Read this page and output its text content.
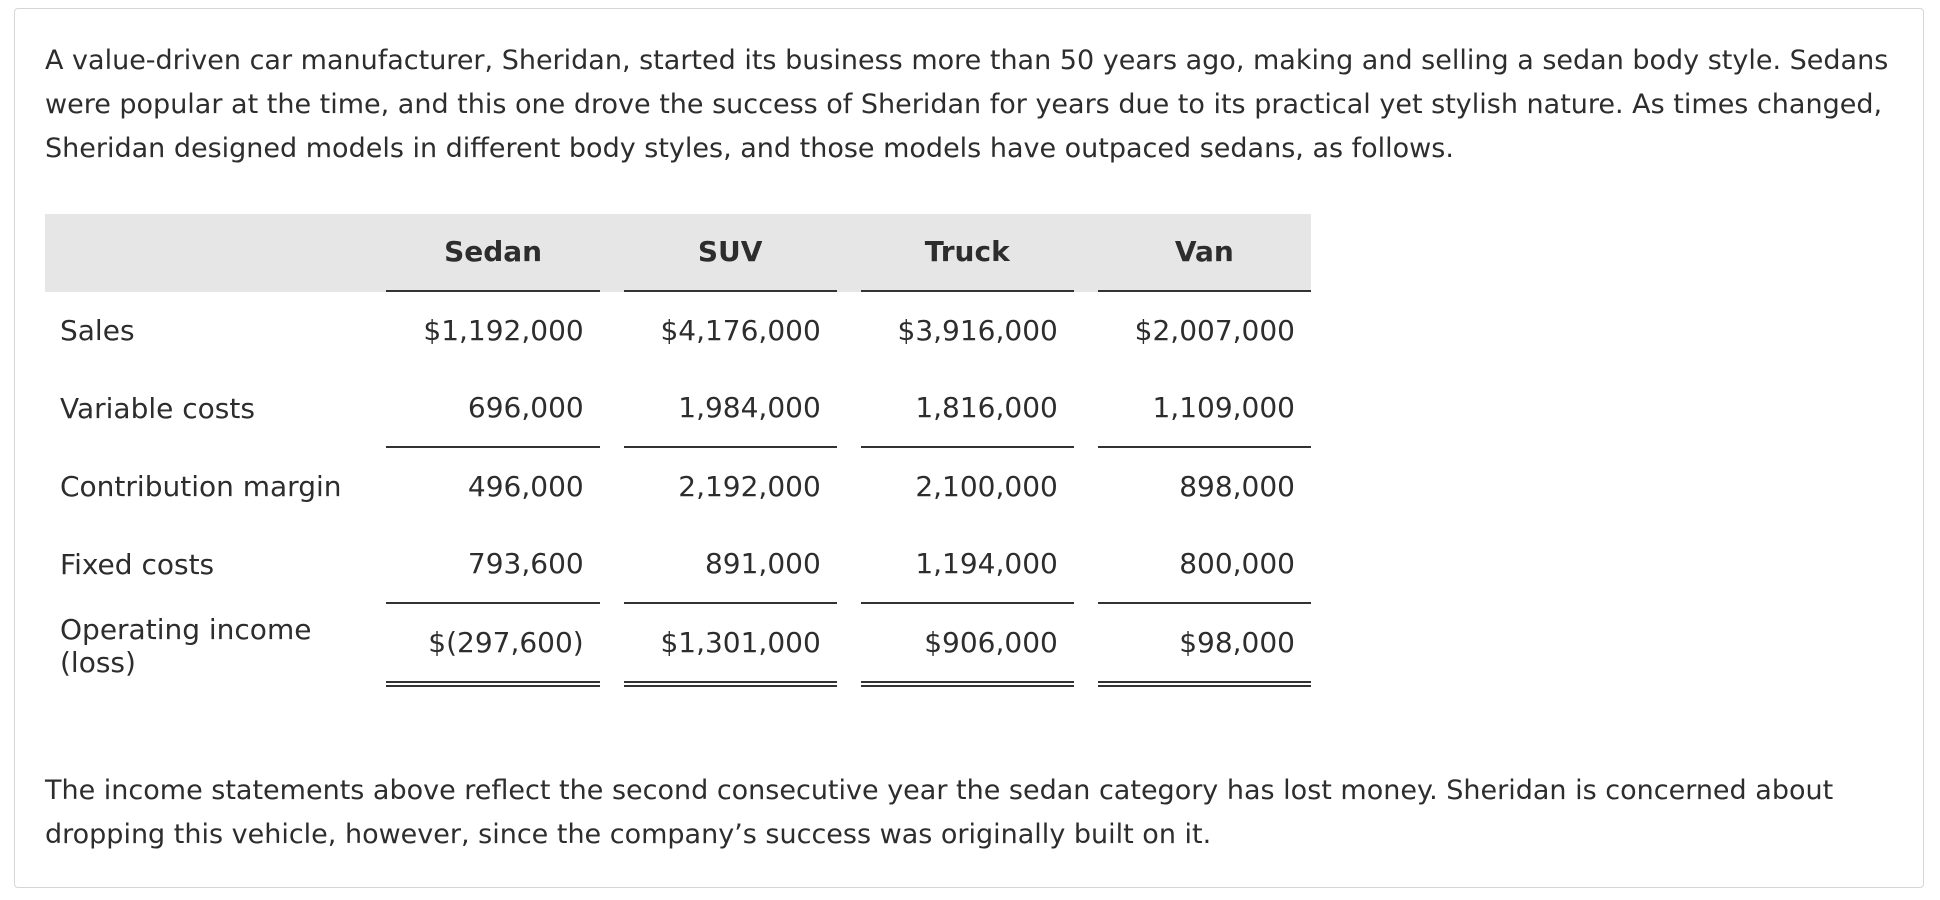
A value-driven car manufacturer, Sheridan, started its business more than 50 years ago, making and selling a sedan body style. Sedans were popular at the time, and this one drove the success of Sheridan for years due to its practical yet stylish nature. As times changed, Sheridan designed models in different body styles, and those models have outpaced sedans, as follows.

	Sedan		SUV		Truck		Van

Sales	$1,192,000		$4,176,000		$3,916,000		$2,007,000
Variable costs	696,000		1,984,000		1,816,000		1,109,000
Contribution margin	496,000		2,192,000		2,100,000		898,000
Fixed costs	793,600		891,000		1,194,000		800,000
Operating income (loss)	$(297,600)		$1,301,000		$906,000		$98,000

The income statements above reflect the second consecutive year the sedan category has lost money. Sheridan is concerned about dropping this vehicle, however, since the company’s success was originally built on it.
